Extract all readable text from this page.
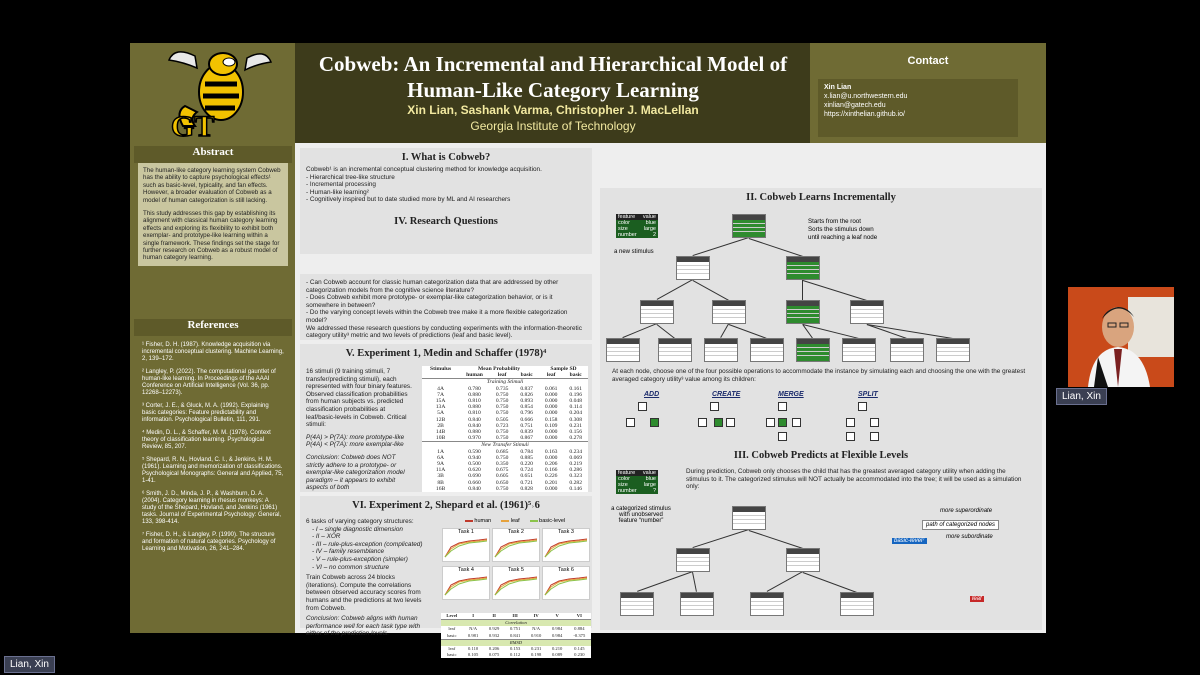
GT
Abstract

The human-like category learning system Cobweb has the ability to capture psychological effects¹ such as basic-level, typicality, and fan effects. However, a broader evaluation of Cobweb as a model of human categorization is still lacking.

This study addresses this gap by establishing its alignment with classical human category learning effects and exploring its flexibility to exhibit both exemplar- and prototype-like learning within a single framework. These findings set the stage for further research on Cobweb as a robust model of human category learning.

References
¹ Fisher, D. H. (1987). Knowledge acquisition via incremental conceptual clustering. Machine Learning, 2, 139–172.
² Langley, P. (2022). The computational gauntlet of human-like learning. In Proceedings of the AAAI Conference on Artificial Intelligence (Vol. 36, pp. 12268–12273).
³ Corter, J. E., & Gluck, M. A. (1992). Explaining basic categories: Feature predictability and information. Psychological Bulletin, 111, 291.
⁴ Medin, D. L., & Schaffer, M. M. (1978). Context theory of classification learning. Psychological Review, 85, 207.
⁵ Shepard, R. N., Hovland, C. I., & Jenkins, H. M. (1961). Learning and memorization of classifications. Psychological Monographs: General and Applied, 75, 1-41.
⁶ Smith, J. D., Minda, J. P., & Washburn, D. A. (2004). Category learning in rhesus monkeys: A study of the Shepard, Hovland, and Jenkins (1961) tasks. Journal of Experimental Psychology: General, 133, 398-414.
⁷ Fisher, D. H., & Langley, P. (1990). The structure and formation of natural categories. Psychology of Learning and Motivation, 26, 241–284.
Cobweb: An Incremental and Hierarchical Model of Human-Like Category Learning
Xin Lian, Sashank Varma, Christopher J. MacLellan
Georgia Institute of Technology
Contact
Xin Lian
x.lian@u.northwestern.edu
xinlian@gatech.edu
https://xinthelian.github.io/
I. What is Cobweb?

Cobweb¹ is an incremental conceptual clustering method for knowledge acquisition.

- Hierarchical tree-like structure
- Incremental processing
- Human-like learning²
- Cognitively inspired but to date studied more by ML and AI researchers
IV. Research Questions
- Can Cobweb account for classic human categorization data that are addressed by other categorization models from the cognitive science literature?
- Does Cobweb exhibit more prototype- or exemplar-like categorization behavior, or is it somewhere in between?
- Do the varying concept levels within the Cobweb tree make it a more flexible categorization model?

We addressed these research questions by conducting experiments with the information-theoretic category utility³ metric and two levels of predictions (leaf and basic level).

V. Experiment 1, Medin and Schaffer (1978)⁴

16 stimuli (9 training stimuli, 7 transfer/predicting stimuli), each represented with four binary features. Observed classification probabilities from human subjects vs. predicted classification probabilities at leaf/basic-levels in Cobweb. Critical stimuli:

P(4A) > P(7A): more prototype-like

P(4A) < P(7A): more exemplar-like

Conclusion: Cobweb does NOT strictly adhere to a prototype- or exemplar-like categorization model paradigm – it appears to exhibit aspects of both

Stimulus	Mean Probability			Sample SD	
	human	leaf	basic	leaf	basic
Training Stimuli					
4A	0.780	0.735	0.837	0.061	0.161
7A	0.880	0.750	0.826	0.000	0.196
15A	0.810	0.750	0.893	0.000	0.048
13A	0.880	0.750	0.854	0.000	0.114
5A	0.810	0.750	0.796	0.000	0.204
12B	0.840	0.505	0.666	0.158	0.308
2B	0.840	0.723	0.751	0.109	0.231
14B	0.880	0.750	0.839	0.000	0.156
10B	0.970	0.750	0.867	0.000	0.278
New Transfer Stimuli					
1A	0.590	0.685	0.784	0.163	0.234
6A	0.940	0.750	0.885	0.000	0.069
9A	0.500	0.350	0.220	0.206	0.219
11A	0.620	0.675	0.724	0.166	0.286
3B	0.690	0.605	0.651	0.226	0.323
8B	0.660	0.650	0.721	0.201	0.282
16B	0.840	0.750	0.828	0.000	0.146
VI. Experiment 2, Shepard et al. (1961)⁵˒6

6 tasks of varying category structures:

- I – single diagnostic dimension
- II – XOR
- III – rule-plus-exception (complicated)
- IV – family resemblance
- V – rule-plus-exception (simpler)
- VI – no common structure

Train Cobweb across 24 blocks (iterations). Compute the correlations between observed accuracy scores from humans and the predictions at two levels from Cobweb.

Conclusion: Cobweb aligns with human performance well for each task type with either of the prediction levels.

human	leaf	basic-level
Task 1	Task 2	Task 3
Task 4	Task 5	Task 6
Level	I	II	III	IV	V	VI
Correlation						
leaf	N/A	0.929	0.751	N/A	0.984	0.884
basic	0.981	0.932	0.841	0.910	0.984	-0.375
RMSD						
leaf	0.110	0.206	0.153	0.231	0.210	0.145
basic	0.105	0.075	0.112	0.198	0.089	0.230
II. Cobweb Learns Incrementally
feature value
color	blue
size	large
number	2
a new stimulus
Starts from the root
Sorts the stimulus down
until reaching a leaf node
At each node, choose one of the four possible operations to accommodate the instance by simulating each and choosing the one with the greatest averaged category utility³ value among its children:
ADD	CREATE	MERGE	SPLIT
III. Cobweb Predicts at Flexible Levels
feature value
color	blue
size	large
number	?
a categorized stimulus with unobserved feature “number”
During prediction, Cobweb only chooses the child that has the greatest averaged category utility when adding the stimulus to it. The categorized stimulus will NOT actually be accommodated into the tree; it will be used as a simulation only:
more superordinate
path of categorized nodes
more subordinate
basic-level⁷
leaf
Lian, Xin
Lian, Xin
